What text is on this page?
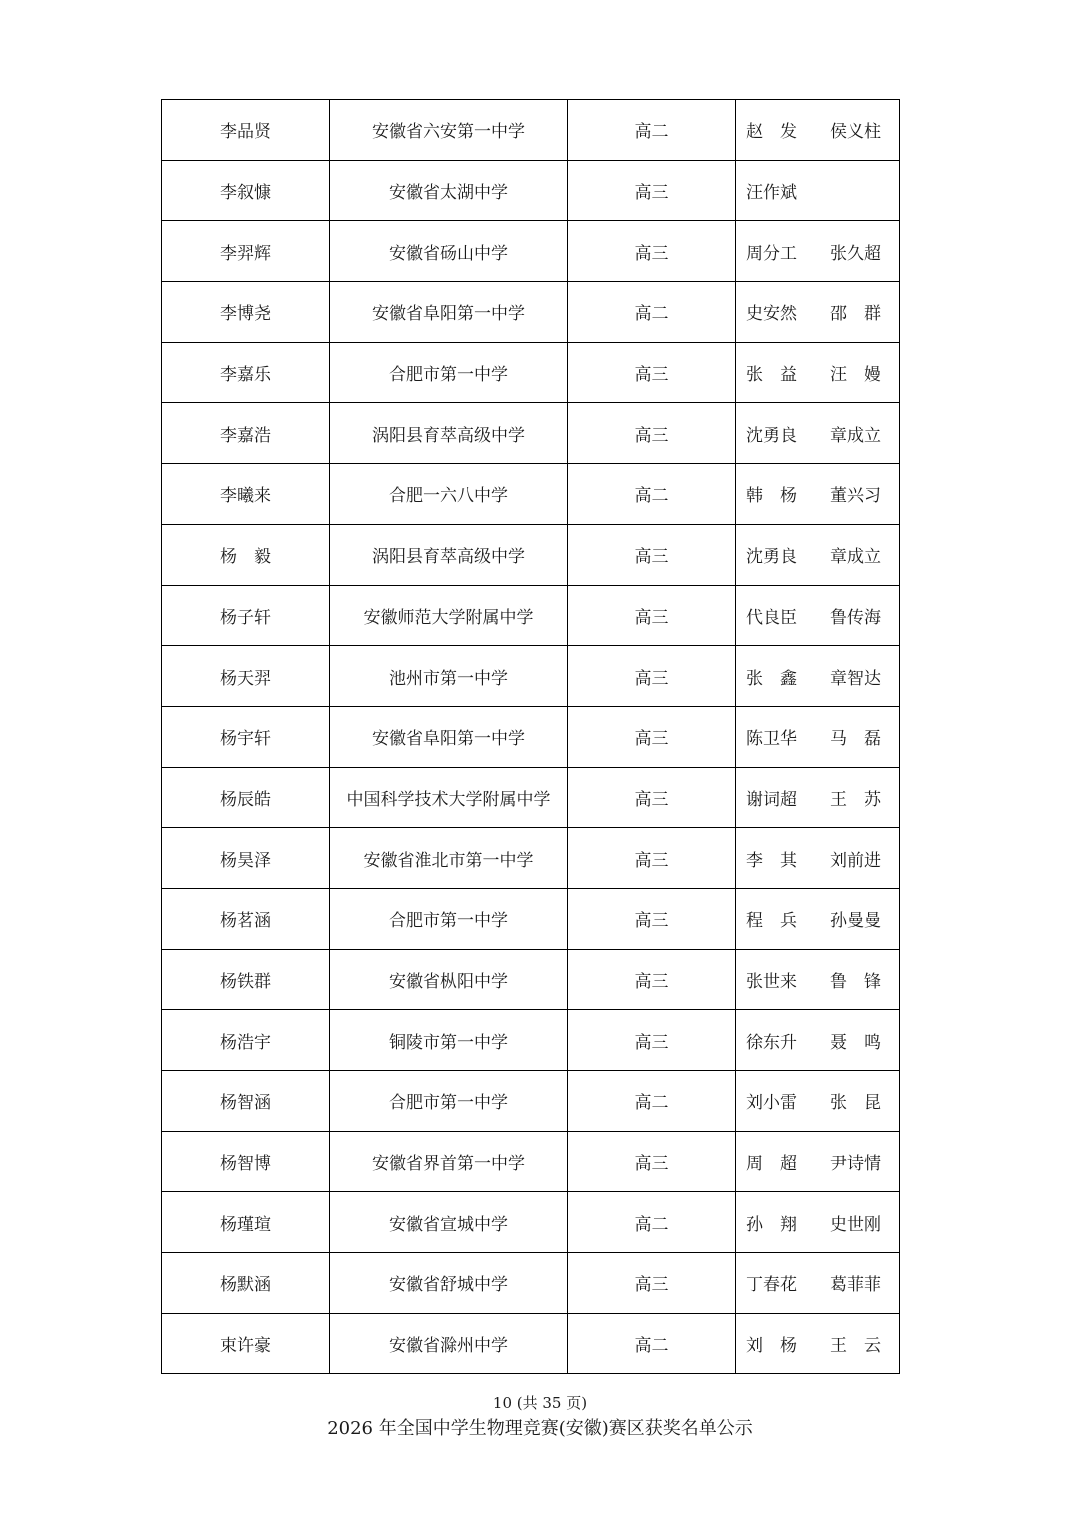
李品贤	安徽省六安第一中学	高二	赵　发 侯义柱

李叙慷	安徽省太湖中学	高三	汪作斌

李羿辉	安徽省砀山中学	高三	周分工 张久超

李博尧	安徽省阜阳第一中学	高二	史安然 邵　群

李嘉乐	合肥市第一中学	高三	张　益 汪　嫚

李嘉浩	涡阳县育萃高级中学	高三	沈勇良 章成立

李曦来	合肥一六八中学	高二	韩　杨 董兴习

杨　毅	涡阳县育萃高级中学	高三	沈勇良 章成立

杨子轩	安徽师范大学附属中学	高三	代良臣 鲁传海

杨天羿	池州市第一中学	高三	张　鑫 章智达

杨宇轩	安徽省阜阳第一中学	高三	陈卫华 马　磊

杨辰皓	中国科学技术大学附属中学	高三	谢词超 王　苏

杨昊泽	安徽省淮北市第一中学	高三	李　其 刘前进

杨茗涵	合肥市第一中学	高三	程　兵 孙曼曼

杨铁群	安徽省枞阳中学	高三	张世来 鲁　锋

杨浩宇	铜陵市第一中学	高三	徐东升 聂　鸣

杨智涵	合肥市第一中学	高二	刘小雷 张　昆

杨智博	安徽省界首第一中学	高三	周　超 尹诗情

杨瑾瑄	安徽省宣城中学	高二	孙　翔 史世刚

杨默涵	安徽省舒城中学	高三	丁春花 葛菲菲

束许豪	安徽省滁州中学	高二	刘　杨 王　云
10 (共 35 页)
2026 年全国中学生物理竞赛(安徽)赛区获奖名单公示
